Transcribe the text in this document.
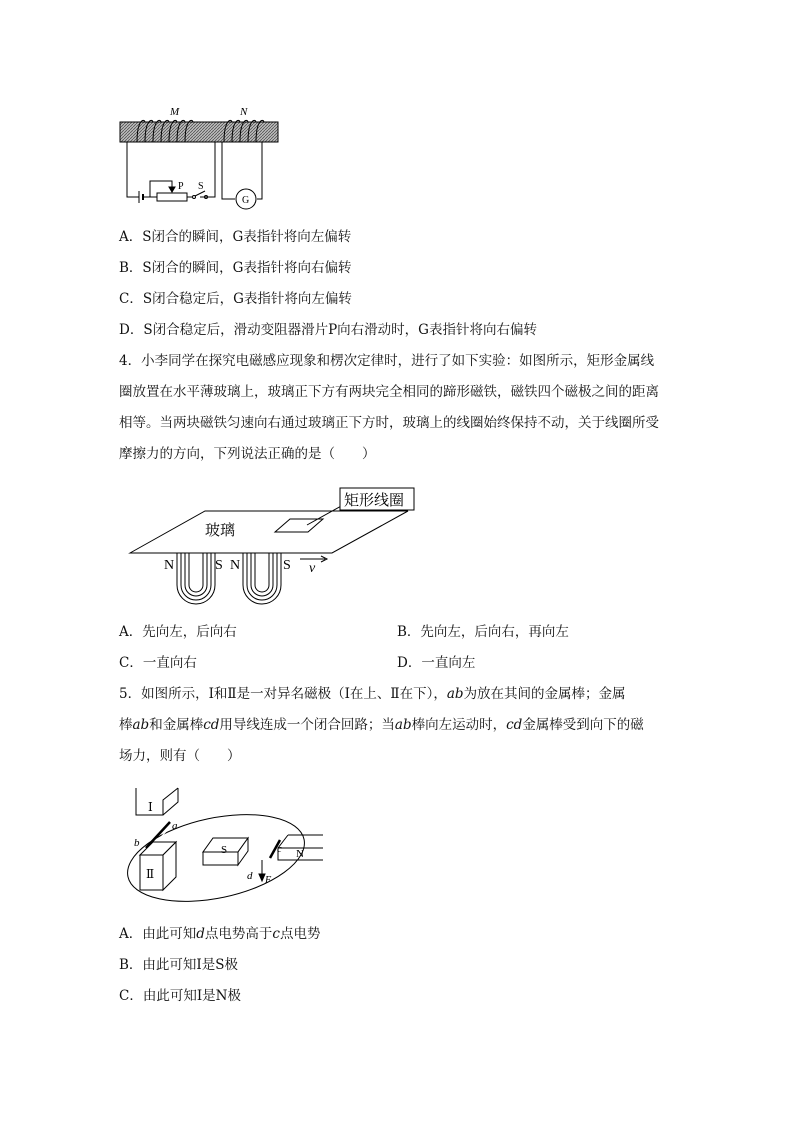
M	N
P S
G
A．S闭合的瞬间，G表指针将向左偏转
B．S闭合的瞬间，G表指针将向右偏转
C．S闭合稳定后，G表指针将向左偏转
D．S闭合稳定后，滑动变阻器滑片P向右滑动时，G表指针将向右偏转
4．小李同学在探究电磁感应现象和楞次定律时，进行了如下实验：如图所示，矩形金属线
圈放置在水平薄玻璃上，玻璃正下方有两块完全相同的蹄形磁铁，磁铁四个磁极之间的距离
相等。当两块磁铁匀速向右通过玻璃正下方时，玻璃上的线圈始终保持不动，关于线圈所受
摩擦力的方向，下列说法正确的是（　　）
玻璃
矩形线圈
N	S N	S v
A．先向左，后向右	B．先向左，后向右，再向左
C．一直向右	D．一直向左
5．如图所示，Ⅰ和Ⅱ是一对异名磁极（Ⅰ在上、Ⅱ在下），ab为放在其间的金属棒；金属
棒ab和金属棒cd用导线连成一个闭合回路；当ab棒向左运动时，cd金属棒受到向下的磁
场力，则有（　　）
Ⅰ
Ⅱ
a
b	c
d
S	N
F
A．由此可知d点电势高于c点电势
B．由此可知Ⅰ是S极
C．由此可知Ⅰ是N极
